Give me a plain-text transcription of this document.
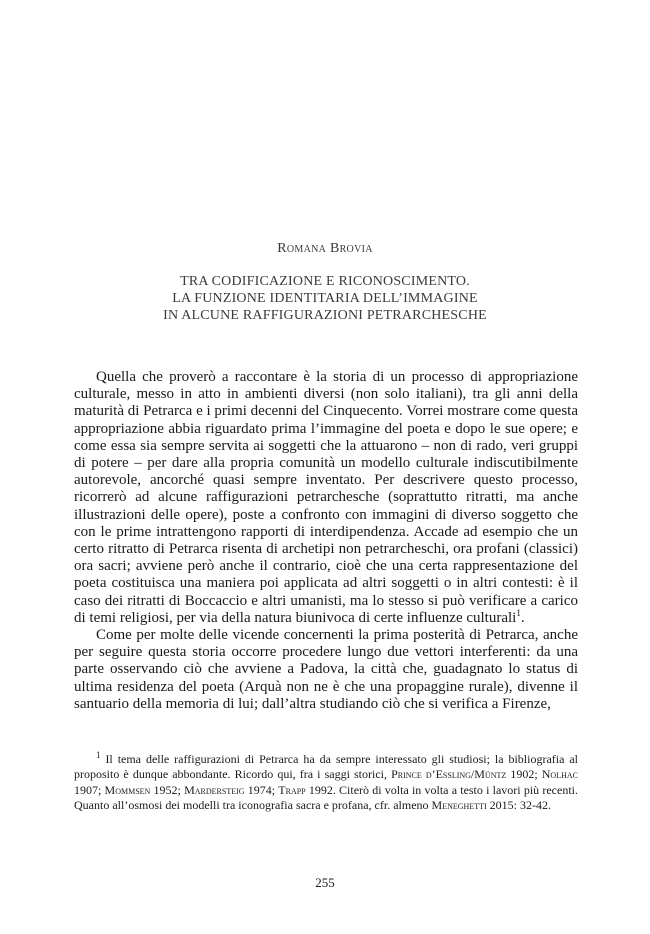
Romana Brovia
TRA CODIFICAZIONE E RICONOSCIMENTO.
LA FUNZIONE IDENTITARIA DELL’IMMAGINE
IN ALCUNE RAFFIGURAZIONI PETRARCHESCHE

Quella che proverò a raccontare è la storia di un processo di appropriazione culturale, messo in atto in ambienti diversi (non solo italiani), tra gli anni della maturità di Petrarca e i primi decenni del Cinquecento. Vorrei mostrare come questa appropriazione abbia riguardato prima l’immagine del poeta e dopo le sue opere; e come essa sia sempre servita ai soggetti che la attuarono – non di rado, veri gruppi di potere – per dare alla propria comunità un modello culturale indiscutibilmente autorevole, ancorché quasi sempre inventato. Per descrivere questo processo, ricorrerò ad alcune raffigurazioni petrarchesche (soprattutto ritratti, ma anche illustrazioni delle opere), poste a confronto con immagini di diverso soggetto che con le prime intrattengono rapporti di interdipendenza. Accade ad esempio che un certo ritratto di Petrarca risenta di archetipi non petrarcheschi, ora profani (classici) ora sacri; avviene però anche il contrario, cioè che una certa rappresentazione del poeta costituisca una maniera poi applicata ad altri soggetti o in altri contesti: è il caso dei ritratti di Boccaccio e altri umanisti, ma lo stesso si può verificare a carico di temi religiosi, per via della natura biunivoca di certe influenze culturali$^1$.

Come per molte delle vicende concernenti la prima posterità di Petrarca, anche per seguire questa storia occorre procedere lungo due vettori interferenti: da una parte osservando ciò che avviene a Padova, la città che, guadagnato lo status di ultima residenza del poeta (Arquà non ne è che una propaggine rurale), divenne il santuario della memoria di lui; dall’altra studiando ciò che si verifica a Firenze,

$^1$ Il tema delle raffigurazioni di Petrarca ha da sempre interessato gli studiosi; la bibliografia al proposito è dunque abbondante. Ricordo qui, fra i saggi storici, Prince d’Essling/Müntz 1902; Nolhac 1907; Mommsen 1952; Mardersteig 1974; Trapp 1992. Citerò di volta in volta a testo i lavori più recenti. Quanto all’osmosi dei modelli tra iconografia sacra e profana, cfr. almeno Meneghetti 2015: 32-42.

255
